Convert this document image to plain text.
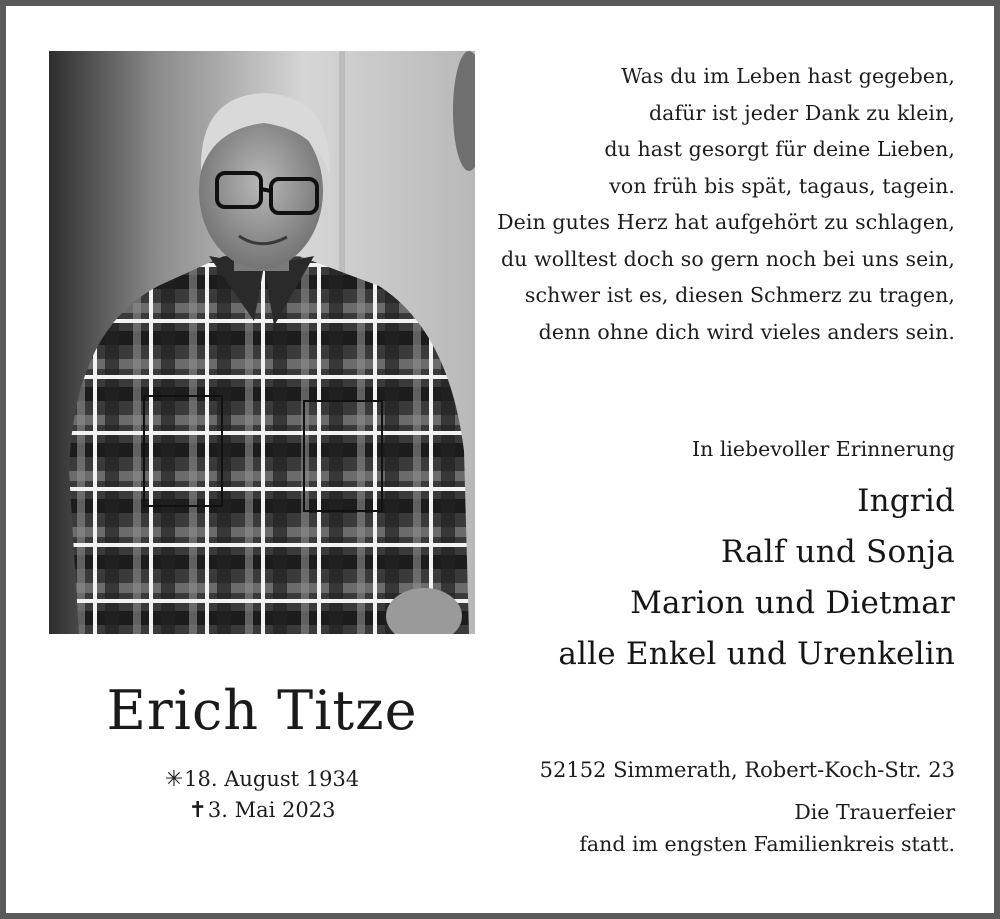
Was du im Leben hast gegeben,
dafür ist jeder Dank zu klein,
du hast gesorgt für deine Lieben,
von früh bis spät, tagaus, tagein.
Dein gutes Herz hat aufgehört zu schlagen,
du wolltest doch so gern noch bei uns sein,
schwer ist es, diesen Schmerz zu tragen,
denn ohne dich wird vieles anders sein.
In liebevoller Erinnerung
Ingrid
Ralf und Sonja
Marion und Dietmar
alle Enkel und Urenkelin
Erich Titze
✳18. August 1934
✝3. Mai 2023
52152 Simmerath, Robert-Koch-Str. 23
Die Trauerfeier
fand im engsten Familienkreis statt.
